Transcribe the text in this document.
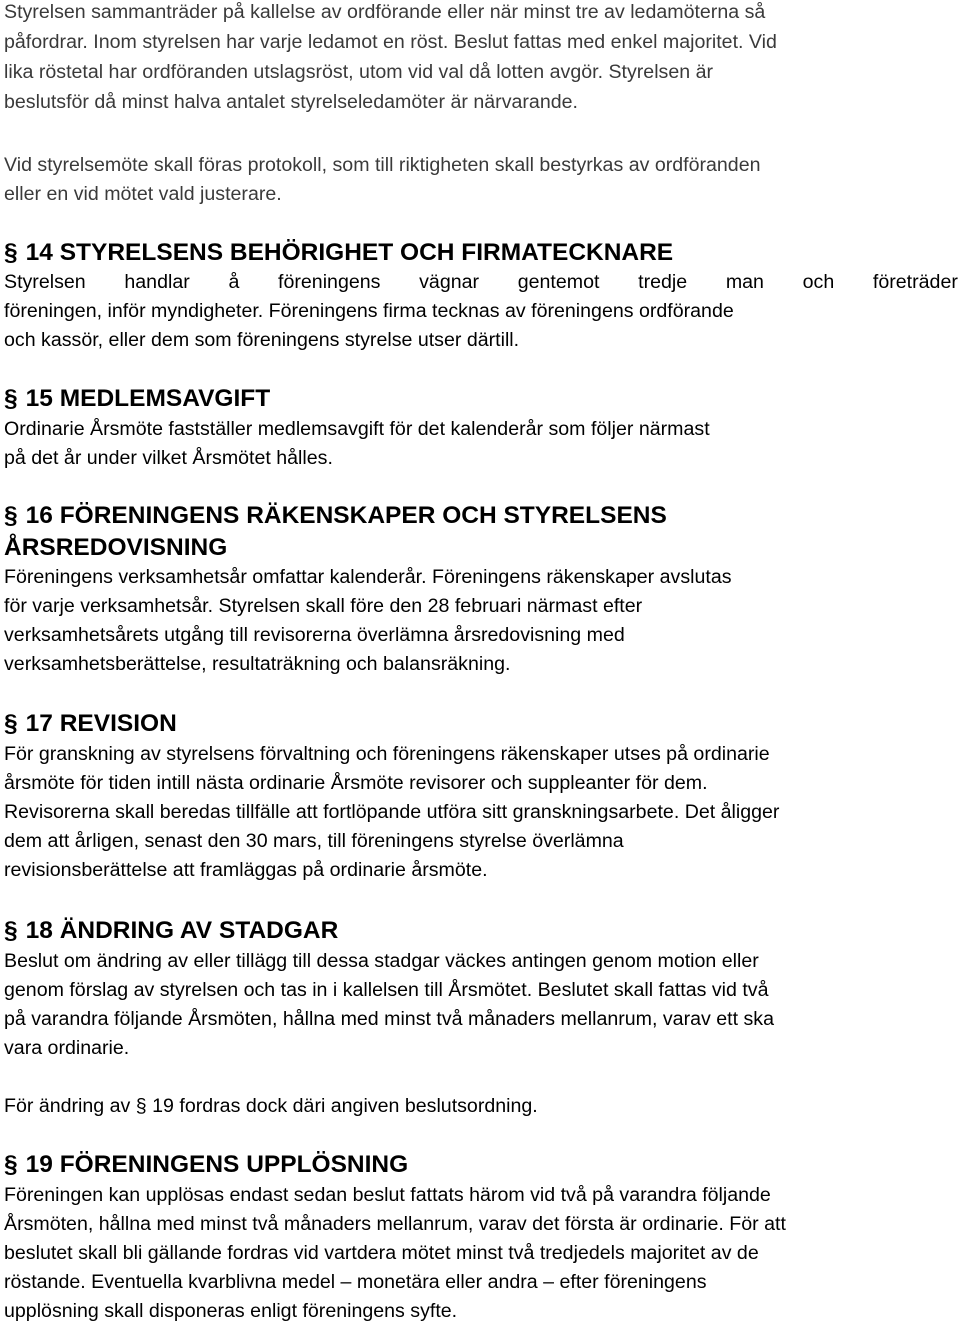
Styrelsen sammanträder på kallelse av ordförande eller när minst tre av ledamöterna så
påfordrar. Inom styrelsen har varje ledamot en röst. Beslut fattas med enkel majoritet. Vid
lika röstetal har ordföranden utslagsröst, utom vid val då lotten avgör. Styrelsen är
beslutsför då minst halva antalet styrelseledamöter är närvarande.
Vid styrelsemöte skall föras protokoll, som till riktigheten skall bestyrkas av ordföranden
eller en vid mötet vald justerare.
§ 14 STYRELSENS BEHÖRIGHET OCH FIRMATECKNARE
Styrelsen handlar å föreningens vägnar gentemot tredje man och företräder
föreningen, inför myndigheter. Föreningens firma tecknas av föreningens ordförande
och kassör, eller dem som föreningens styrelse utser därtill.
§ 15 MEDLEMSAVGIFT
Ordinarie Årsmöte fastställer medlemsavgift för det kalenderår som följer närmast
på det år under vilket Årsmötet hålles.
§ 16 FÖRENINGENS RÄKENSKAPER OCH STYRELSENS
ÅRSREDOVISNING
Föreningens verksamhetsår omfattar kalenderår. Föreningens räkenskaper avslutas
för varje verksamhetsår. Styrelsen skall före den 28 februari närmast efter
verksamhetsårets utgång till revisorerna överlämna årsredovisning med
verksamhetsberättelse, resultaträkning och balansräkning.
§ 17 REVISION
För granskning av styrelsens förvaltning och föreningens räkenskaper utses på ordinarie
årsmöte för tiden intill nästa ordinarie Årsmöte revisorer och suppleanter för dem.
Revisorerna skall beredas tillfälle att fortlöpande utföra sitt granskningsarbete. Det åligger
dem att årligen, senast den 30 mars, till föreningens styrelse överlämna
revisionsberättelse att framläggas på ordinarie årsmöte.
§ 18 ÄNDRING AV STADGAR
Beslut om ändring av eller tillägg till dessa stadgar väckes antingen genom motion eller
genom förslag av styrelsen och tas in i kallelsen till Årsmötet. Beslutet skall fattas vid två
på varandra följande Årsmöten, hållna med minst två månaders mellanrum, varav ett ska
vara ordinarie.
För ändring av § 19 fordras dock däri angiven beslutsordning.
§ 19 FÖRENINGENS UPPLÖSNING
Föreningen kan upplösas endast sedan beslut fattats härom vid två på varandra följande
Årsmöten, hållna med minst två månaders mellanrum, varav det första är ordinarie. För att
beslutet skall bli gällande fordras vid vartdera mötet minst två tredjedels majoritet av de
röstande. Eventuella kvarblivna medel – monetära eller andra – efter föreningens
upplösning skall disponeras enligt föreningens syfte.
